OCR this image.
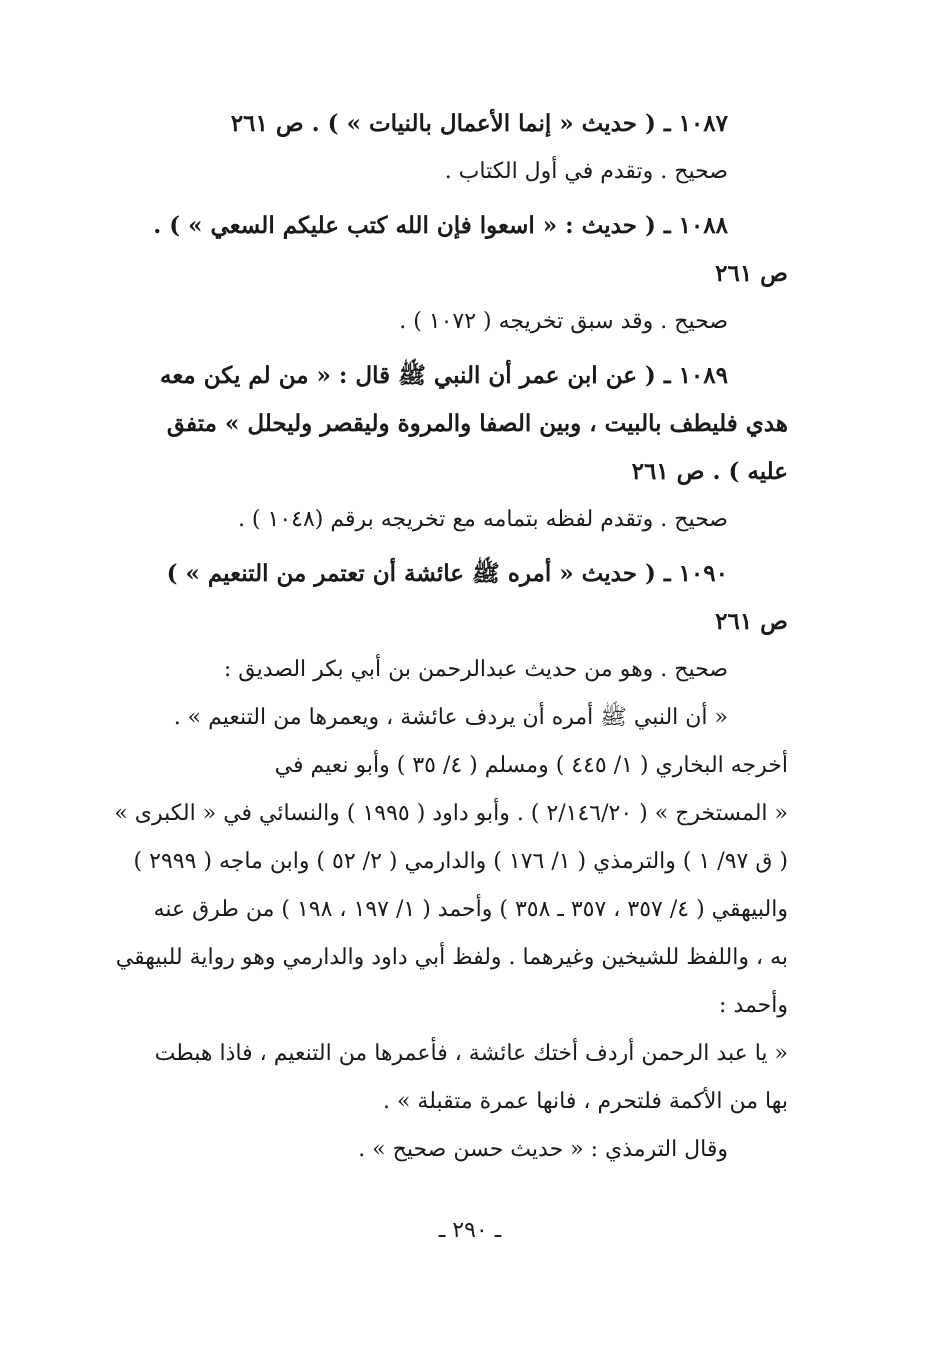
١٠٨٧ ـ ( حديث « إنما الأعمال بالنيات » ) . ص ٢٦١
صحيح . وتقدم في أول الكتاب .
١٠٨٨ ـ ( حديث : « اسعوا فإن الله كتب عليكم السعي » ) .
ص ٢٦١
صحيح . وقد سبق تخريجه ( ١٠٧٢ ) .
١٠٨٩ ـ ( عن ابن عمر أن النبي ﷺ قال : « من لم يكن معه
هدي فليطف بالبيت ، وبين الصفا والمروة وليقصر وليحلل » متفق
عليه ) . ص ٢٦١
صحيح . وتقدم لفظه بتمامه مع تخريجه برقم (١٠٤٨ ) .
١٠٩٠ ـ ( حديث « أمره ﷺ عائشة أن تعتمر من التنعيم » )
ص ٢٦١
صحيح . وهو من حديث عبدالرحمن بن أبي بكر الصديق :
« أن النبي ﷺ أمره أن يردف عائشة ، ويعمرها من التنعيم » .
أخرجه البخاري ( ١/ ٤٤٥ ) ومسلم ( ٤/ ٣٥ ) وأبو نعيم في
« المستخرج » ( ٢/١٤٦/٢٠ ) . وأبو داود ( ١٩٩٥ ) والنسائي في « الكبرى »
( ق ٩٧/ ١ ) والترمذي ( ١/ ١٧٦ ) والدارمي ( ٢/ ٥٢ ) وابن ماجه ( ٢٩٩٩ )
والبيهقي ( ٤/ ٣٥٧ ، ٣٥٧ ـ ٣٥٨ ) وأحمد ( ١/ ١٩٧ ، ١٩٨ ) من طرق عنه
به ، واللفظ للشيخين وغيرهما . ولفظ أبي داود والدارمي وهو رواية للبيهقي
وأحمد :
« يا عبد الرحمن أردف أختك عائشة ، فأعمرها من التنعيم ، فاذا هبطت
بها من الأكمة فلتحرم ، فانها عمرة متقبلة » .
وقال الترمذي : « حديث حسن صحيح » .
ـ ٢٩٠ ـ
